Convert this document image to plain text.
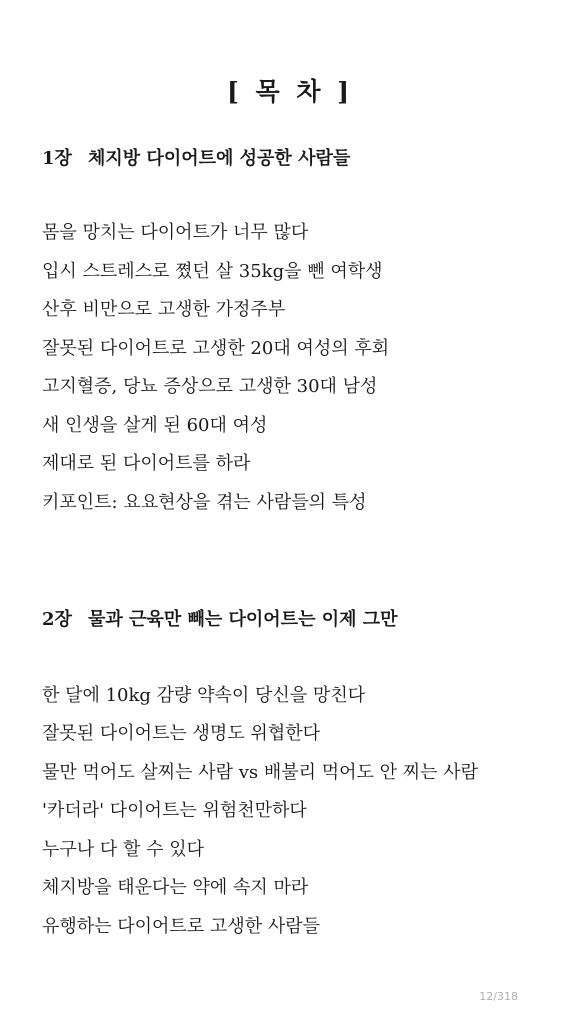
[ 목 차 ]
1장 체지방 다이어트에 성공한 사람들
몸을 망치는 다이어트가 너무 많다
입시 스트레스로 쪘던 살 35kg을 뺀 여학생
산후 비만으로 고생한 가정주부
잘못된 다이어트로 고생한 20대 여성의 후회
고지혈증, 당뇨 증상으로 고생한 30대 남성
새 인생을 살게 된 60대 여성
제대로 된 다이어트를 하라
키포인트: 요요현상을 겪는 사람들의 특성
2장 물과 근육만 빼는 다이어트는 이제 그만
한 달에 10kg 감량 약속이 당신을 망친다
잘못된 다이어트는 생명도 위협한다
물만 먹어도 살찌는 사람 vs 배불리 먹어도 안 찌는 사람
'카더라' 다이어트는 위험천만하다
누구나 다 할 수 있다
체지방을 태운다는 약에 속지 마라
유행하는 다이어트로 고생한 사람들
12/318
